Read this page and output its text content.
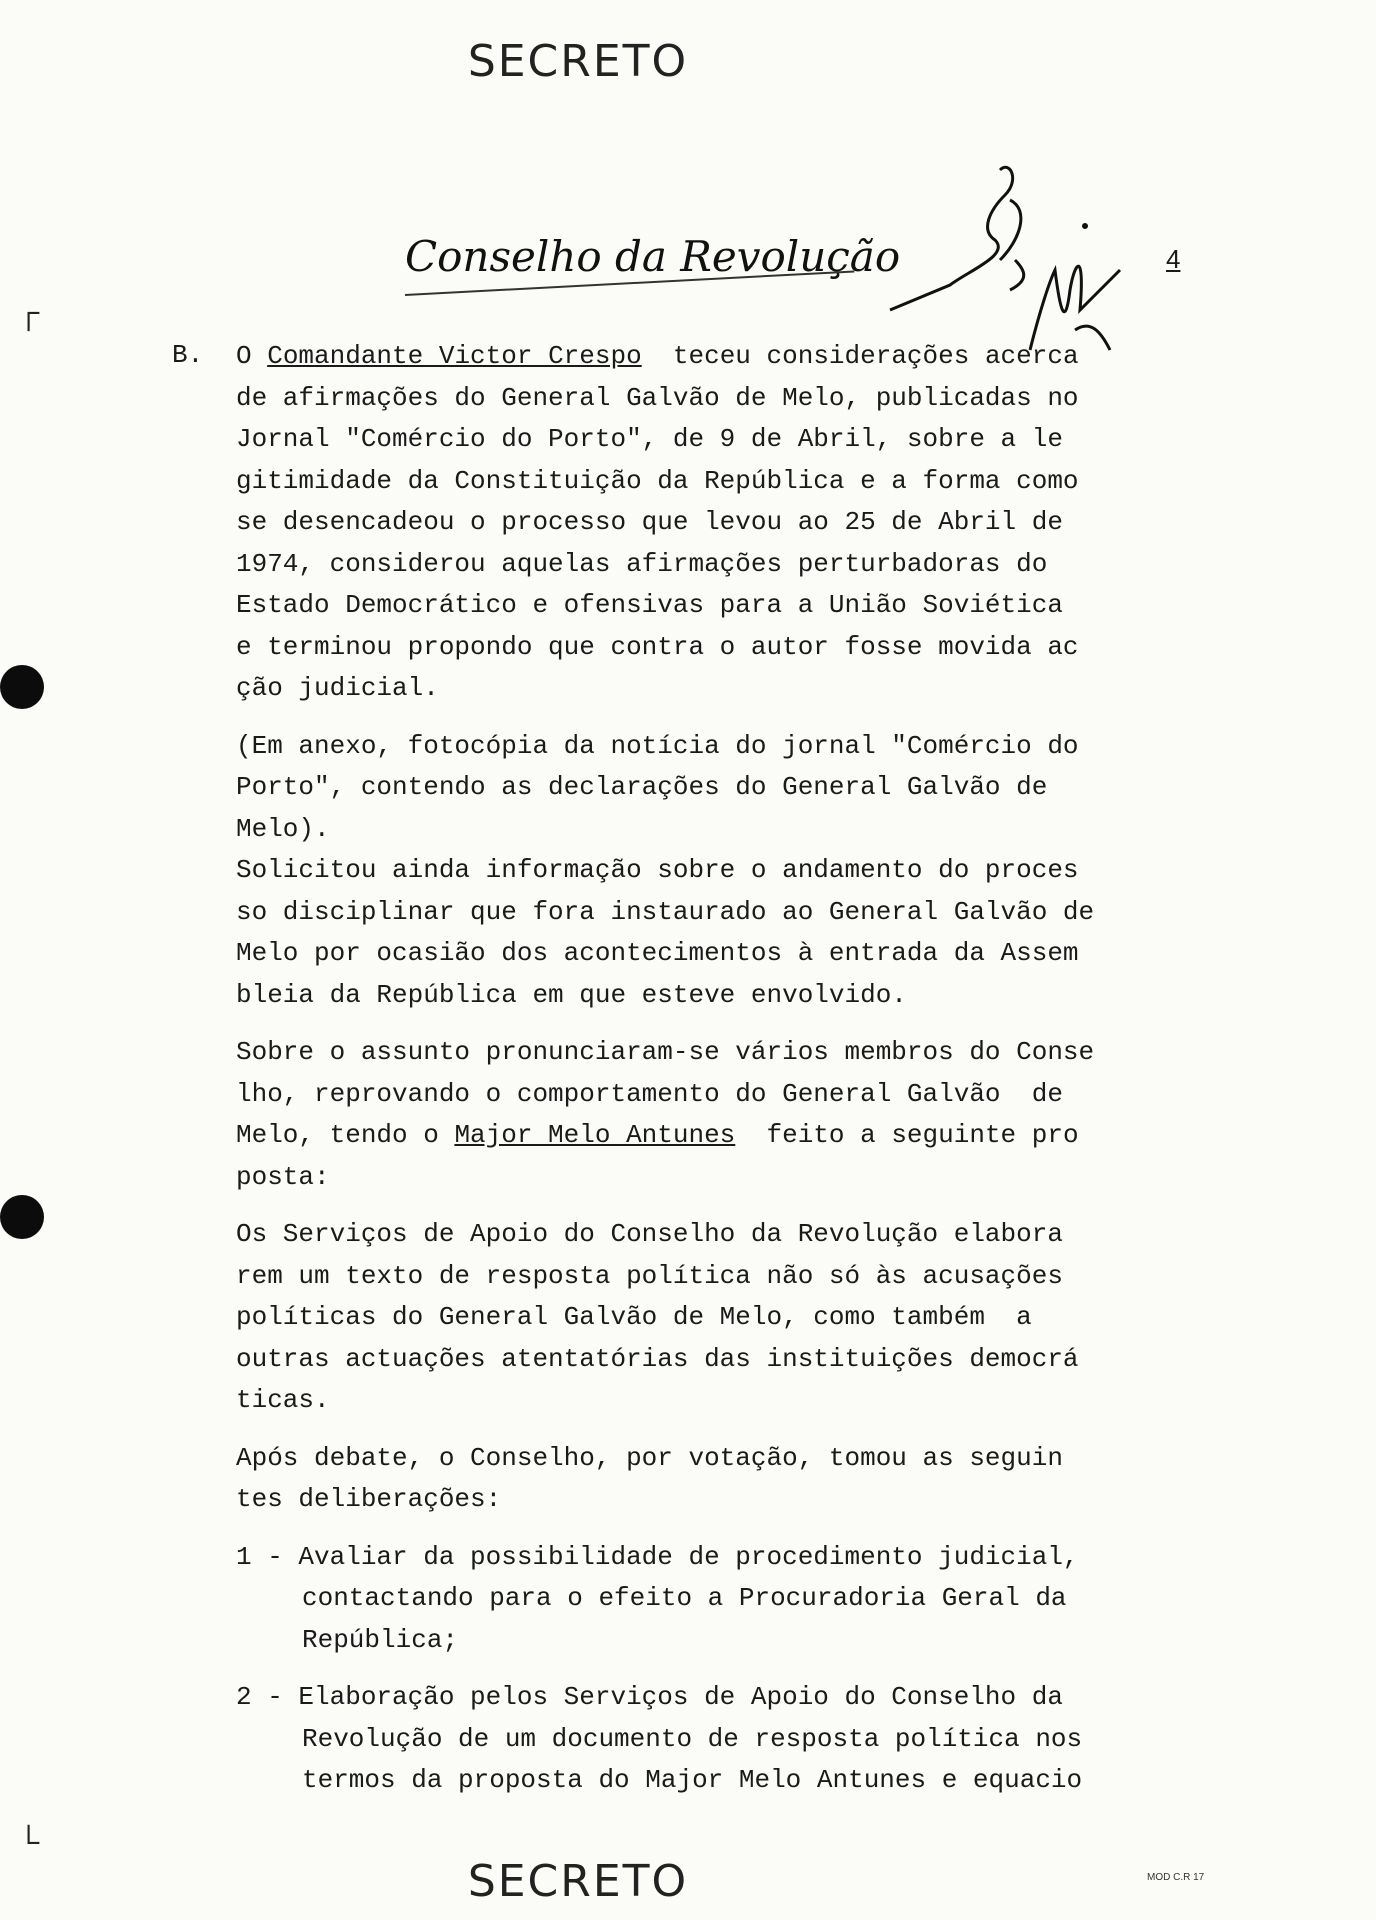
SECRETO
Conselho da Revolução	4
┌
└
B. O Comandante Victor Crespo  teceu considerações acerca
de afirmações do General Galvão de Melo, publicadas no
Jornal "Comércio do Porto", de 9 de Abril, sobre a le
gitimidade da Constituição da República e a forma como
se desencadeou o processo que levou ao 25 de Abril de
1974, considerou aquelas afirmações perturbadoras do
Estado Democrático e ofensivas para a União Soviética
e terminou propondo que contra o autor fosse movida ac
ção judicial.
(Em anexo, fotocópia da notícia do jornal "Comércio do
Porto", contendo as declarações do General Galvão de
Melo).
Solicitou ainda informação sobre o andamento do proces
so disciplinar que fora instaurado ao General Galvão de
Melo por ocasião dos acontecimentos à entrada da Assem
bleia da República em que esteve envolvido.
Sobre o assunto pronunciaram-se vários membros do Conse
lho, reprovando o comportamento do General Galvão  de
Melo, tendo o Major Melo Antunes  feito a seguinte pro
posta:
Os Serviços de Apoio do Conselho da Revolução elabora
rem um texto de resposta política não só às acusações
políticas do General Galvão de Melo, como também  a
outras actuações atentatórias das instituições democrá
ticas.
Após debate, o Conselho, por votação, tomou as seguin
tes deliberações:
1 - Avaliar da possibilidade de procedimento judicial,
contactando para o efeito a Procuradoria Geral da
República;
2 - Elaboração pelos Serviços de Apoio do Conselho da
Revolução de um documento de resposta política nos
termos da proposta do Major Melo Antunes e equacio
SECRETO	MOD C.R 17
